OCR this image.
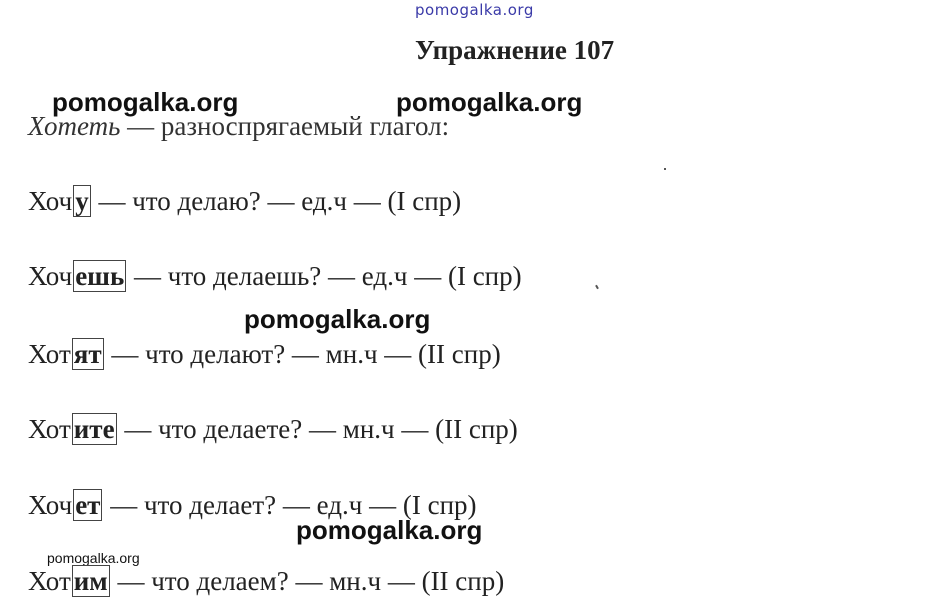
pomogalka.org
Упражнение 107
pomogalka.org	pomogalka.org
Хотеть — разноспрягаемый глагол:
Хоч у — что делаю? — ед.ч — (I спр)
Хоч ешь — что делаешь? — ед.ч — (I спр)
pomogalka.org
Хот ят — что делают? — мн.ч — (II спр)
Хот ите — что делаете? — мн.ч — (II спр)
Хоч ет — что делает? — ед.ч — (I спр)
pomogalka.org
pomogalka.org
Хот им — что делаем? — мн.ч — (II спр)
